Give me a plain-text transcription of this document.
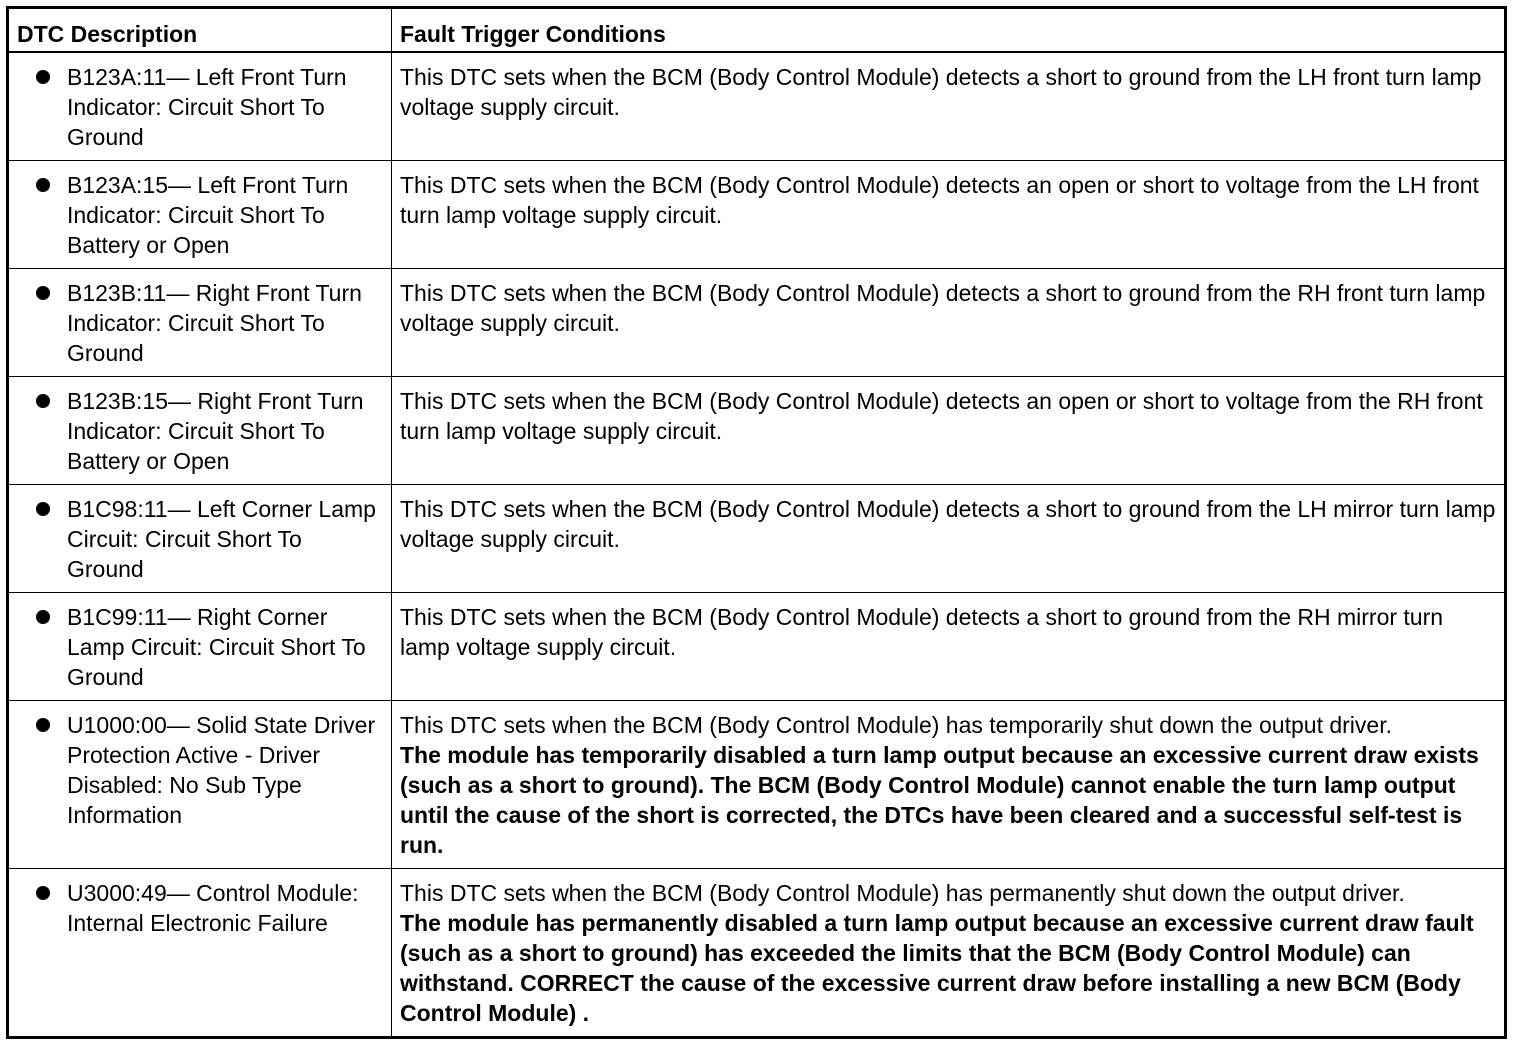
DTC Description	Fault Trigger Conditions

B123A:11— Left Front Turn Indicator: Circuit Short To Ground	This DTC sets when the BCM (Body Control Module) detects a short to ground from the LH front turn lamp voltage supply circuit.

B123A:15— Left Front Turn Indicator: Circuit Short To Battery or Open	This DTC sets when the BCM (Body Control Module) detects an open or short to voltage from the LH front turn lamp voltage supply circuit.

B123B:11— Right Front Turn Indicator: Circuit Short To Ground	This DTC sets when the BCM (Body Control Module) detects a short to ground from the RH front turn lamp voltage supply circuit.

B123B:15— Right Front Turn Indicator: Circuit Short To Battery or Open	This DTC sets when the BCM (Body Control Module) detects an open or short to voltage from the RH front turn lamp voltage supply circuit.

B1C98:11— Left Corner Lamp Circuit: Circuit Short To Ground	This DTC sets when the BCM (Body Control Module) detects a short to ground from the LH mirror turn lamp voltage supply circuit.

B1C99:11— Right Corner Lamp Circuit: Circuit Short To Ground	This DTC sets when the BCM (Body Control Module) detects a short to ground from the RH mirror turn lamp voltage supply circuit.

U1000:00— Solid State Driver Protection Active - Driver Disabled: No Sub Type Information	This DTC sets when the BCM (Body Control Module) has temporarily shut down the output driver.
The module has temporarily disabled a turn lamp output because an excessive current draw exists (such as a short to ground). The BCM (Body Control Module) cannot enable the turn lamp output until the cause of the short is corrected, the DTCs have been cleared and a successful self-test is run.

U3000:49— Control Module: Internal Electronic Failure	This DTC sets when the BCM (Body Control Module) has permanently shut down the output driver.
The module has permanently disabled a turn lamp output because an excessive current draw fault (such as a short to ground) has exceeded the limits that the BCM (Body Control Module) can withstand. CORRECT the cause of the excessive current draw before installing a new BCM (Body Control Module) .
